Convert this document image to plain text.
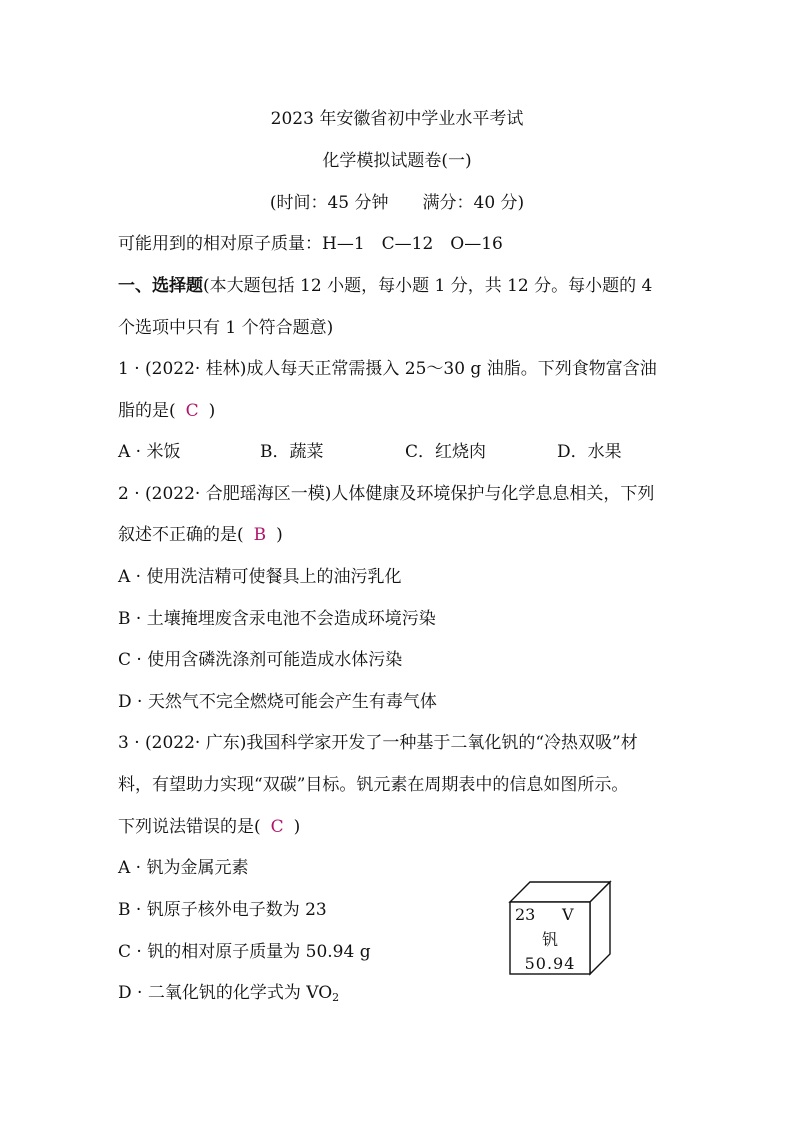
2023 年安徽省初中学业水平考试
化学模拟试题卷(一)
(时间：45 分钟 满分：40 分)
可能用到的相对原子质量：H—1　C—12　O—16
一、选择题(本大题包括 12 小题，每小题 1 分，共 12 分。每小题的 4
个选项中只有 1 个符合题意)
1 · (2022· 桂林)成人每天正常需摄入 25～30 g 油脂。下列食物富含油
脂的是( C )
A · 米饭	B．蔬菜	C．红烧肉	D．水果
2 · (2022· 合肥瑶海区一模)人体健康及环境保护与化学息息相关，下列
叙述不正确的是( B )
A · 使用洗洁精可使餐具上的油污乳化
B · 土壤掩埋废含汞电池不会造成环境污染
C · 使用含磷洗涤剂可能造成水体污染
D · 天然气不完全燃烧可能会产生有毒气体
3 · (2022· 广东)我国科学家开发了一种基于二氧化钒的“冷热双吸”材
料，有望助力实现“双碳”目标。钒元素在周期表中的信息如图所示。
下列说法错误的是( C )
A · 钒为金属元素
B · 钒原子核外电子数为 23
C · 钒的相对原子质量为 50.94 g
D · 二氧化钒的化学式为 $VO_2$
23 V
钒
50.94
